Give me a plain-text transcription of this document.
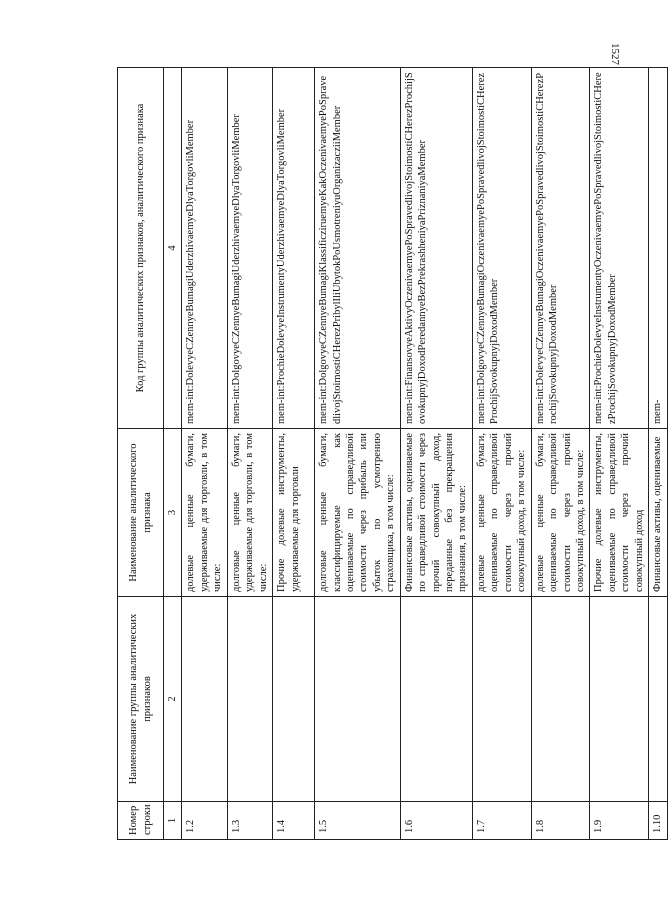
1527
Номер строки	Наименование группы аналитических признаков	Наименование аналитического признака	Код группы аналитических признаков, аналитического признака
1	2	3	4
1.2		долевые ценные бумаги, удерживаемые для торговли, в том числе:	mem-int:DolevyeCZennyeBumagiUderzhivaemyeDlyaTorgovliMember
1.3		долговые ценные бумаги, удерживаемые для торговли, в том числе:	mem-int:DolgovyeCZennyeBumagiUderzhivaemyeDlyaTorgovliMember
1.4		Прочие долевые инструменты, удерживаемые для торговли	mem-int:ProchieDolevyeInstrumentyUderzhivaemyeDlyaTorgovliMember
1.5		долговые ценные бумаги, классифицируемые как оцениваемые по справедливой стоимости через прибыль или убыток по усмотрению страховщика, в том числе:	mem-int:DolgovyeCZennyeBumagiKlassificziruemyeKakOczenivaemyePoSpravedlivojStoimostiCHerezPribylIliUbytokPoUsmotreniyuOrganizacziiMember
1.6		Финансовые активы, оцениваемые по справедливой стоимости через прочий совокупный доход, переданные без прекращения признания, в том числе:	mem-int:FinansovyeAktivyOczenivaemyePoSpravedlivojStoimostiCHerezProchijSovokupnyjDoxodPeredannyeBezPrekrashheniyaPriznaniyaMember
1.7		долевые ценные бумаги, оцениваемые по справедливой стоимости через прочий совокупный доход, в том числе:	mem-int:DolgovyeCZennyeBumagiOczenivaemyePoSpravedlivojStoimostiCHerezProchijSovokupnyjDoxodMember
1.8		долевые ценные бумаги, оцениваемые по справедливой стоимости через прочий совокупный доход, в том числе:	mem-int:DolevyeCZennyeBumagiOczenivaemyePoSpravedlivojStoimostiCHerezProchijSovokupnyjDoxodMember
1.9		Прочие долевые инструменты, оцениваемые по справедливой стоимости через прочий совокупный доход	mem-int:ProchieDolevyeInstrumentyOczenivaemyePoSpravedlivojStoimostiCHerezProchijSovokupnyjDoxodMember
1.10		Финансовые активы, оцениваемые	mem-
